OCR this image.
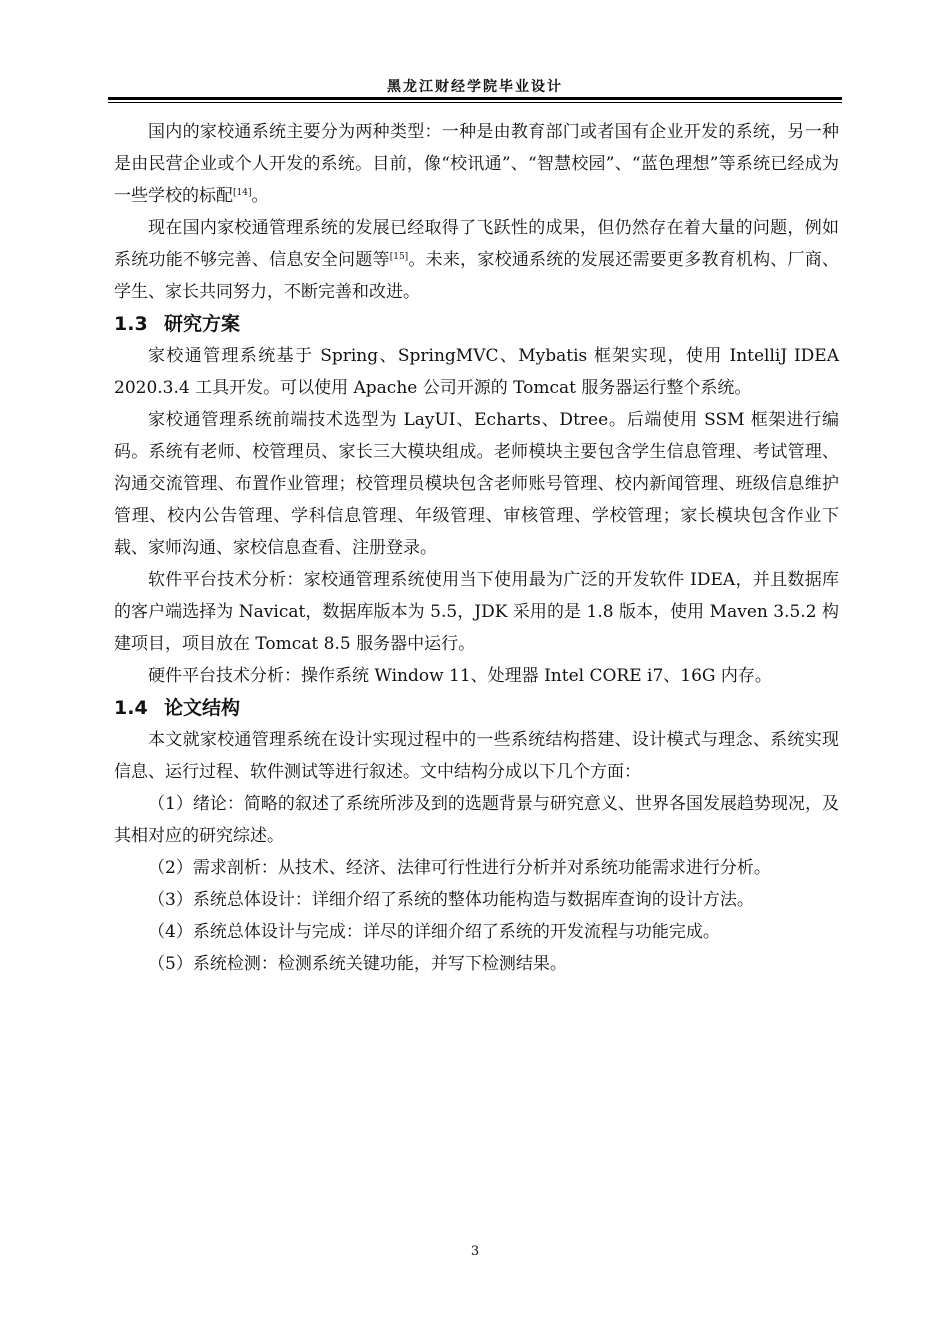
黑龙江财经学院毕业设计

国内的家校通系统主要分为两种类型：一种是由教育部门或者国有企业开发的系统，另一种是由民营企业或个人开发的系统。目前，像“校讯通”、“智慧校园”、“蓝色理想”等系统已经成为一些学校的标配[14]。

现在国内家校通管理系统的发展已经取得了飞跃性的成果，但仍然存在着大量的问题，例如系统功能不够完善、信息安全问题等[15]。未来，家校通系统的发展还需要更多教育机构、厂商、学生、家长共同努力，不断完善和改进。

1.3 研究方案

家校通管理系统基于 Spring、SpringMVC、Mybatis 框架实现，使用 IntelliJ IDEA 2020.3.4 工具开发。可以使用 Apache 公司开源的 Tomcat 服务器运行整个系统。

家校通管理系统前端技术选型为 LayUI、Echarts、Dtree。后端使用 SSM 框架进行编码。系统有老师、校管理员、家长三大模块组成。老师模块主要包含学生信息管理、考试管理、沟通交流管理、布置作业管理；校管理员模块包含老师账号管理、校内新闻管理、班级信息维护管理、校内公告管理、学科信息管理、年级管理、审核管理、学校管理；家长模块包含作业下载、家师沟通、家校信息查看、注册登录。

软件平台技术分析：家校通管理系统使用当下使用最为广泛的开发软件 IDEA，并且数据库的客户端选择为 Navicat，数据库版本为 5.5，JDK 采用的是 1.8 版本，使用 Maven 3.5.2 构建项目，项目放在 Tomcat 8.5 服务器中运行。

硬件平台技术分析：操作系统 Window 11、处理器 Intel CORE i7、16G 内存。

1.4 论文结构

本文就家校通管理系统在设计实现过程中的一些系统结构搭建、设计模式与理念、系统实现信息、运行过程、软件测试等进行叙述。文中结构分成以下几个方面：

（1）绪论：简略的叙述了系统所涉及到的选题背景与研究意义、世界各国发展趋势现况，及其相对应的研究综述。

（2）需求剖析：从技术、经济、法律可行性进行分析并对系统功能需求进行分析。

（3）系统总体设计：详细介绍了系统的整体功能构造与数据库查询的设计方法。

（4）系统总体设计与完成：详尽的详细介绍了系统的开发流程与功能完成。

（5）系统检测：检测系统关键功能，并写下检测结果。

3
